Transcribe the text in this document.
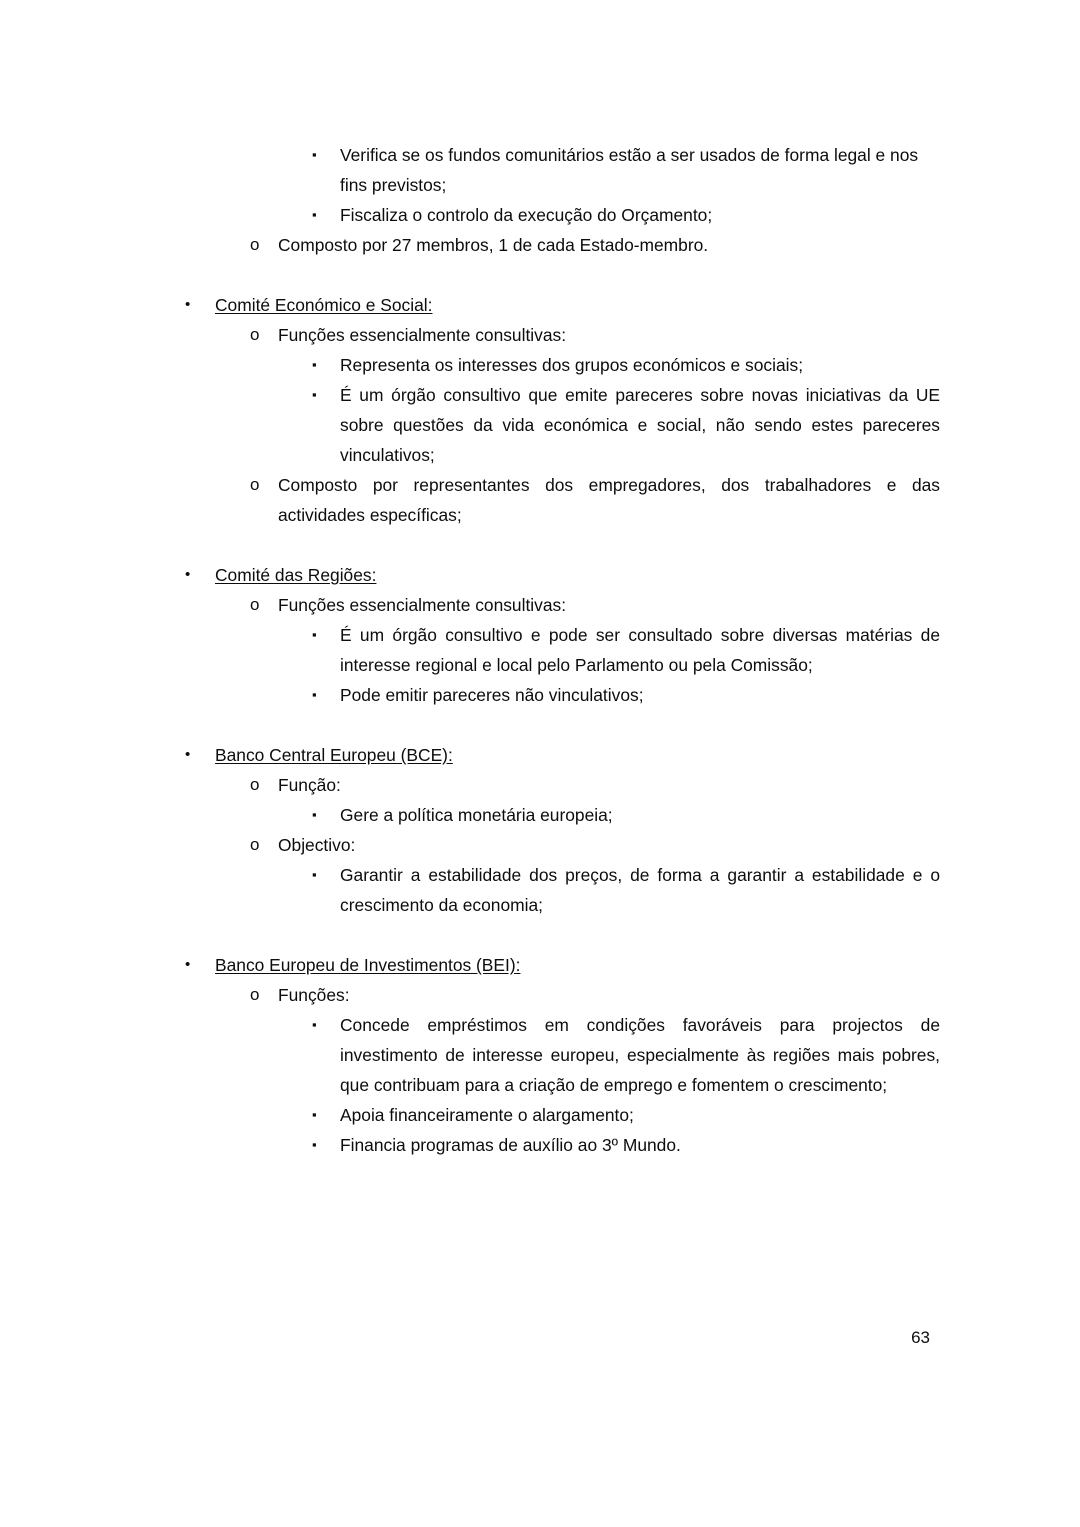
▪	Verifica se os fundos comunitários estão a ser usados de forma legal e nos fins previstos;
▪	Fiscaliza o controlo da execução do Orçamento;
o	Composto por 27 membros, 1 de cada Estado-membro.
•	Comité Económico e Social:
o	Funções essencialmente consultivas:
▪	Representa os interesses dos grupos económicos e sociais;
▪	É um órgão consultivo que emite pareceres sobre novas iniciativas da UE sobre questões da vida económica e social, não sendo estes pareceres vinculativos;
o	Composto por representantes dos empregadores, dos trabalhadores e das actividades específicas;
•	Comité das Regiões:
o	Funções essencialmente consultivas:
▪	É um órgão consultivo e pode ser consultado sobre diversas matérias de interesse regional e local pelo Parlamento ou pela Comissão;
▪	Pode emitir pareceres não vinculativos;
•	Banco Central Europeu (BCE):
o	Função:
▪	Gere a política monetária europeia;
o	Objectivo:
▪	Garantir a estabilidade dos preços, de forma a garantir a estabilidade e o crescimento da economia;
•	Banco Europeu de Investimentos (BEI):
o	Funções:
▪	Concede empréstimos em condições favoráveis para projectos de investimento de interesse europeu, especialmente às regiões mais pobres, que contribuam para a criação de emprego e fomentem o crescimento;
▪	Apoia financeiramente o alargamento;
▪	Financia programas de auxílio ao 3º Mundo.
63
